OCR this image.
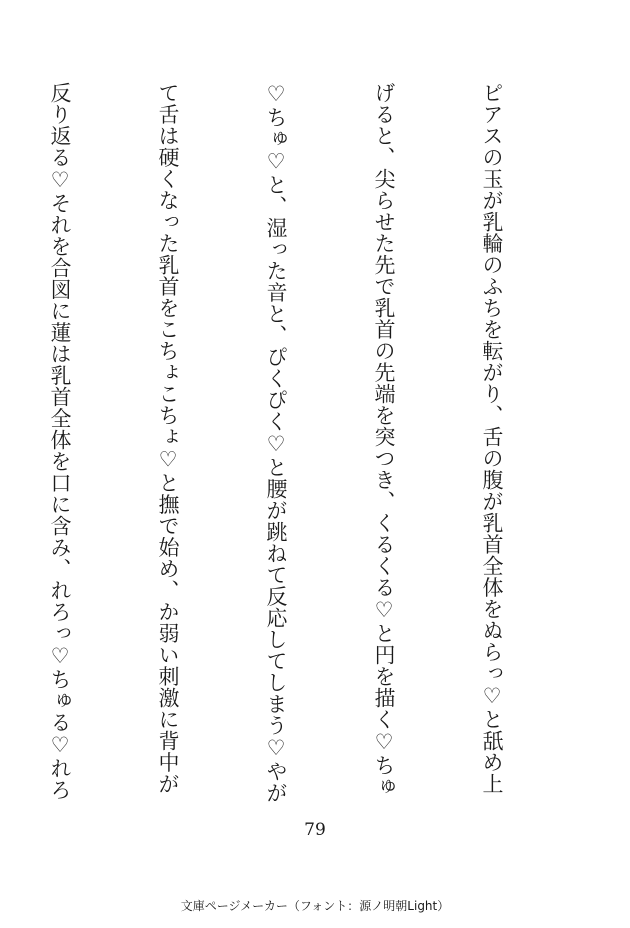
ピアスの玉が乳輪のふちを転がり、舌の腹が乳首全体をぬらっ♡と舐め上

げると、尖らせた先で乳首の先端を突つき、くるくる♡と円を描く♡ちゅ

♡ちゅ♡と、湿った音と、ぴくぴく♡と腰が跳ねて反応してしまう♡やが

て舌は硬くなった乳首をこちょこちょ♡と撫で始め、か弱い刺激に背中が

反り返る♡それを合図に蓮は乳首全体を口に含み、れろっ♡ちゅる♡れろ

79
文庫ページメーカー（フォント：源ノ明朝Light）
